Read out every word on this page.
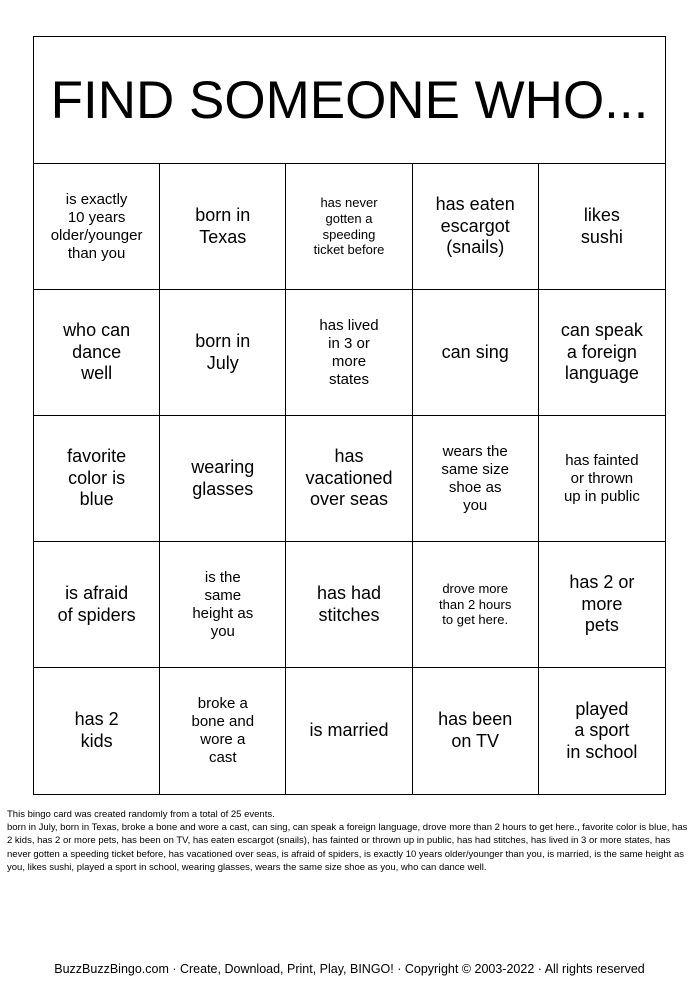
FIND SOMEONE WHO...
is exactly
10 years
older/younger
than you
born in
Texas
has never
gotten a
speeding
ticket before
has eaten
escargot
(snails)
likes
sushi
who can
dance
well
born in
July
has lived
in 3 or
more
states
can sing
can speak
a foreign
language
favorite
color is
blue
wearing
glasses
has
vacationed
over seas
wears the
same size
shoe as
you
has fainted
or thrown
up in public
is afraid
of spiders
is the
same
height as
you
has had
stitches
drove more
than 2 hours
to get here.
has 2 or
more
pets
has 2
kids
broke a
bone and
wore a
cast
is married
has been
on TV
played
a sport
in school

This bingo card was created randomly from a total of 25 events.

born in July, born in Texas, broke a bone and wore a cast, can sing, can speak a foreign language, drove more than 2 hours to get here., favorite color is blue, has 2 kids, has 2 or more pets, has been on TV, has eaten escargot (snails), has fainted or thrown up in public, has had stitches, has lived in 3 or more states, has never gotten a speeding ticket before, has vacationed over seas, is afraid of spiders, is exactly 10 years older/younger than you, is married, is the same height as you, likes sushi, played a sport in school, wearing glasses, wears the same size shoe as you, who can dance well.

BuzzBuzzBingo.com · Create, Download, Print, Play, BINGO! · Copyright © 2003-2022 · All rights reserved
